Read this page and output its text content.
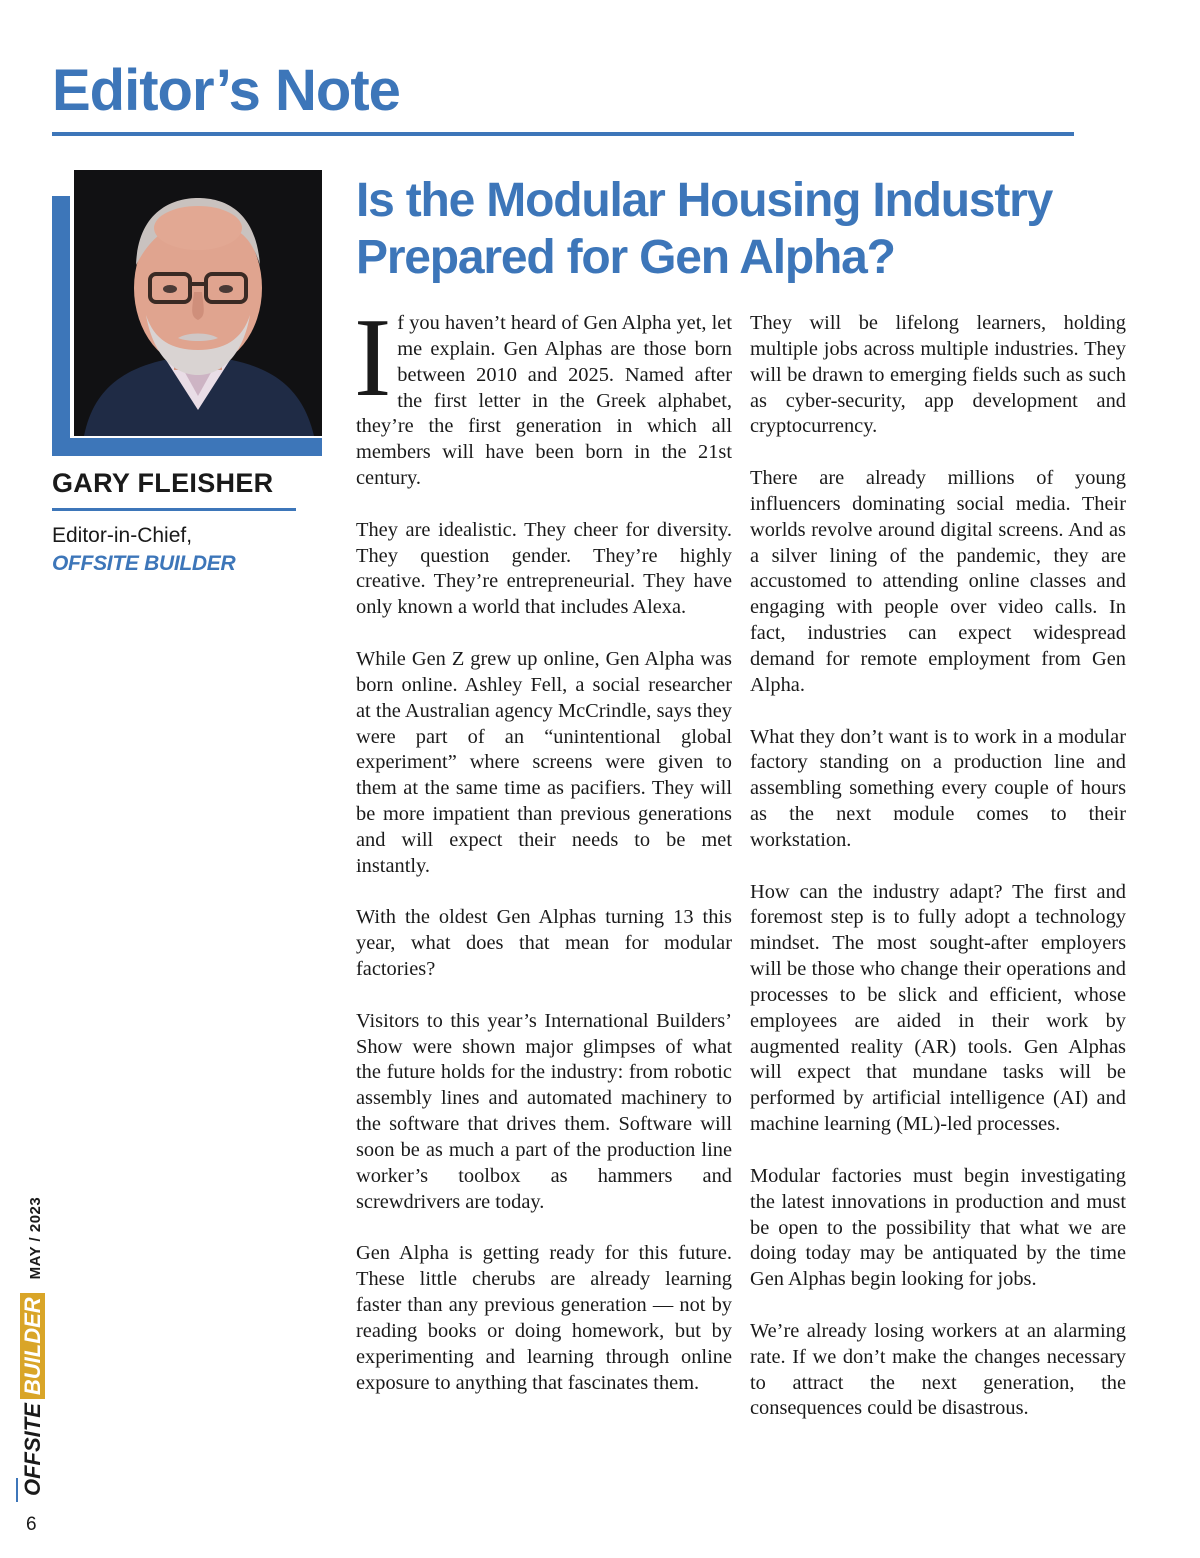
Editor’s Note
GARY FLEISHER
Editor-in-Chief,
OFFSITE BUILDER
Is the Modular Housing Industry Prepared for Gen Alpha?

If you haven’t heard of Gen Alpha yet, let me explain. Gen Alphas are those born between 2010 and 2025. Named after the first letter in the Greek alphabet, they’re the first generation in which all members will have been born in the 21st century.

They are idealistic. They cheer for diversity. They question gender. They’re highly creative. They’re entrepreneurial. They have only known a world that includes Alexa.

While Gen Z grew up online, Gen Alpha was born online. Ashley Fell, a social researcher at the Australian agency McCrindle, says they were part of an “unintentional global experiment” where screens were given to them at the same time as pacifiers. They will be more impatient than previous generations and will expect their needs to be met instantly.

With the oldest Gen Alphas turning 13 this year, what does that mean for modular factories?

Visitors to this year’s International Builders’ Show were shown major glimpses of what the future holds for the industry: from robotic assembly lines and automated machinery to the software that drives them. Software will soon be as much a part of the production line worker’s toolbox as hammers and screwdrivers are today.

Gen Alpha is getting ready for this future. These little cherubs are already learning faster than any previous generation — not by reading books or doing homework, but by experimenting and learning through online exposure to anything that fascinates them.

They will be lifelong learners, holding multiple jobs across multiple industries. They will be drawn to emerging fields such as such as cyber-security, app development and cryptocurrency.

There are already millions of young influencers dominating social media. Their worlds revolve around digital screens. And as a silver lining of the pandemic, they are accustomed to attending online classes and engaging with people over video calls. In fact, industries can expect widespread demand for remote employment from Gen Alpha.

What they don’t want is to work in a modular factory standing on a production line and assembling something every couple of hours as the next module comes to their workstation.

How can the industry adapt? The first and foremost step is to fully adopt a technology mindset. The most sought-after employers will be those who change their operations and processes to be slick and efficient, whose employees are aided in their work by augmented reality (AR) tools. Gen Alphas will expect that mundane tasks will be performed by artificial intelligence (AI) and machine learning (ML)-led processes.

Modular factories must begin investigating the latest innovations in production and must be open to the possibility that what we are doing today may be antiquated by the time Gen Alphas begin looking for jobs.

We’re already losing workers at an alarming rate. If we don’t make the changes necessary to attract the next generation, the consequences could be disastrous.

OFFSITEBUILDERMAY / 2023
6
